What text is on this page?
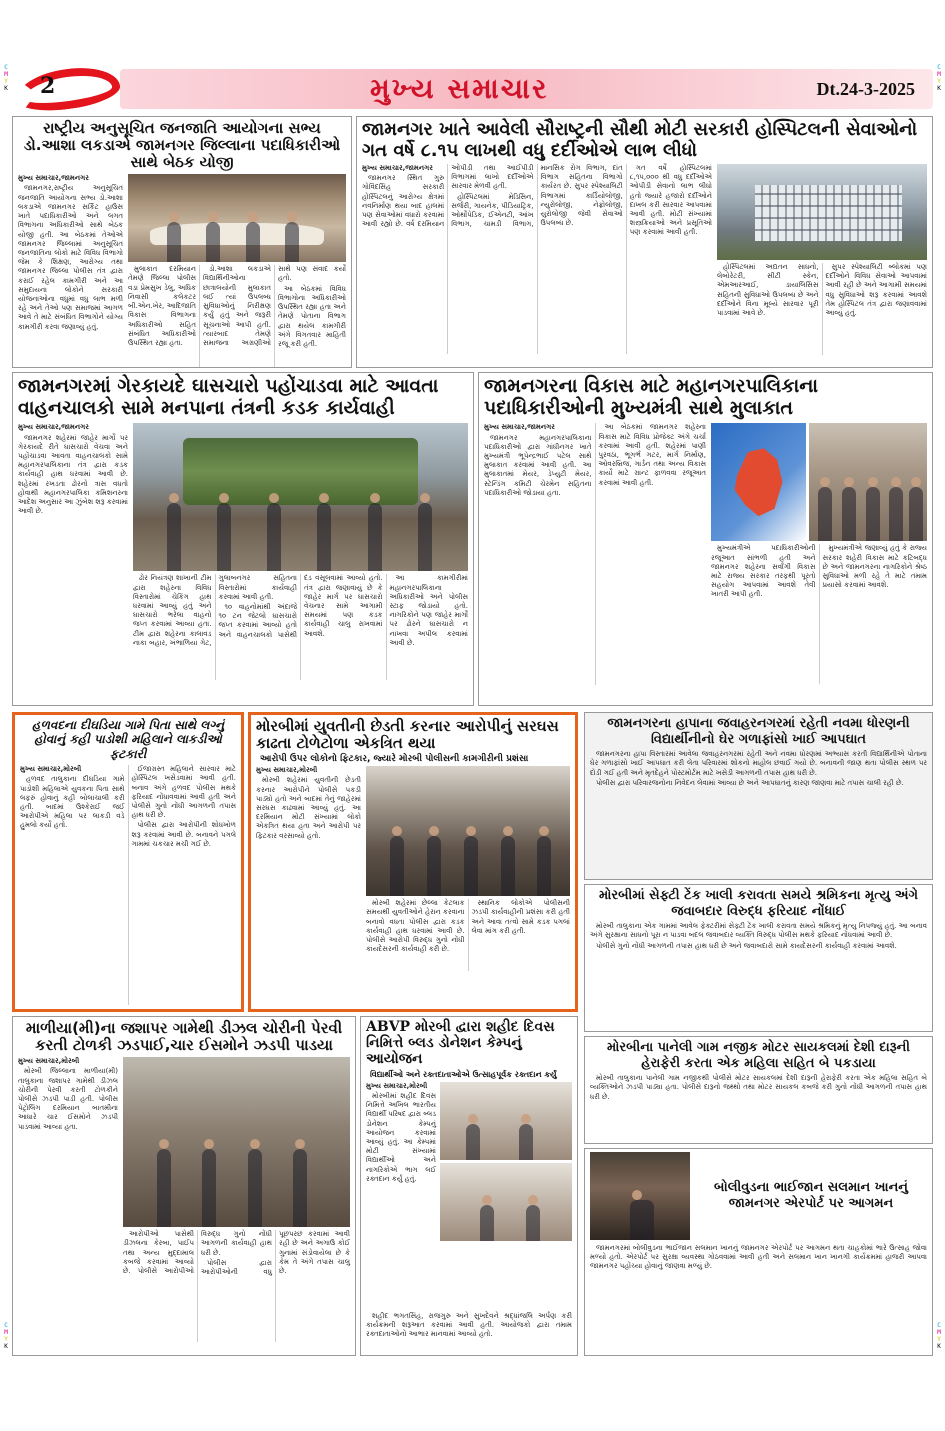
C
M
Y
K
C
M
Y
K
C
M
Y
K
C
M
Y
K
2	મુખ્ય સમાચાર	Dt.24-3-2025
રાષ્ટ્રીય અનુસૂચિત જનજાતિ આયોગના સભ્ય ડો.આશા લકડાએ જામનગર જિલ્લાના પદાધિકારીઓ સાથે બેઠક યોજી
મુખ્ય સમાચાર,જામનગર

જામનગર,રાષ્ટ્રીય અનુસૂચિત જનજાતિ આયોગના સભ્ય ડો.આશા લકડાએ જામનગર સર્કિટ હાઉસ ખાતે પદાધિકારીઓ અને લગત વિભાગના અધિકારીઓ સાથે બેઠક યોજી હતી. આ બેઠકમાં તેઓએ જામનગર જિલ્લામાં અનુસૂચિત જનજાતિના લોકો માટે વિવિધ વિભાગો જેમ કે શિક્ષણ, આરોગ્ય તથા જામનગર જિલ્લા પોલીસ તંત્ર દ્વારા કરાઈ રહેલ કામગીરી અને આ સમુદાયના લોકોને સરકારી યોજનાઓના વધુમાં વધુ લાભ મળી રહે અને તેઓ પણ સમાજમાં આગળ આવે તે માટે સંબંધિત વિભાગોને યોગ્ય કામગીરી કરવા જણાવ્યું હતું.

મુલાકાત દરમિયાન તેમણે જિલ્લા પોલીસ વડા પ્રેમસુખ ડેલુ, અધિક નિવાસી કલેકટર બી.એન.ખેર, આદિજાતિ વિકાસ વિભાગના અધિકારીઓ સહિત સંબંધિત અધિકારીઓ ઉપસ્થિત રહ્યા હતા.

ડો.આશા લકડાએ વિદ્યાર્થિનીઓના છાત્રાલયોની મુલાકાત લઈ ત્યાં ઉપલબ્ધ સુવિધાઓનું નિરીક્ષણ કર્યું હતું અને જરૂરી સૂચનાઓ આપી હતી. ત્યારબાદ તેમણે સમાજના અગ્રણીઓ સાથે પણ સંવાદ કર્યો હતો.

આ બેઠકમાં વિવિધ વિભાગોના અધિકારીઓ ઉપસ્થિત રહ્યા હતા અને તેમણે પોતાના વિભાગ દ્વારા થયેલ કામગીરી અંગે વિગતવાર માહિતી રજૂ કરી હતી.

જામનગર ખાતે આવેલી સૌરાષ્ટ્રની સૌથી મોટી સરકારી હોસ્પિટલની સેવાઓનો ગત વર્ષે ૮.૧૫ લાખથી વધુ દર્દીઓએ લાભ લીધો
મુખ્ય સમાચાર,જામનગર

જામનગર સ્થિત ગુરુ ગોવિંદસિંહ સરકારી હોસ્પિટલનું આરોગ્ય ક્ષેત્રમાં નવનિર્માણ થયા બાદ હાલમાં પણ સેવાઓમાં વધારો કરવામાં આવી રહ્યો છે. વર્ષ દરમિયાન ઓપીડી તથા આઈપીડી વિભાગમાં લાખો દર્દીઓએ સારવાર મેળવી હતી.

હોસ્પિટલમાં મેડિસિન, સર્જરી, ગાયનેક, પીડિયાટ્રિક, ઓર્થોપેડિક, ઈએનટી, આંખ વિભાગ, ચામડી વિભાગ, માનસિક રોગ વિભાગ, દાંત વિભાગ સહિતના વિભાગો કાર્યરત છે. સુપર સ્પેશ્યાલિટી વિભાગમાં કાર્ડિયોલોજી, ન્યુરોલોજી, નેફ્રોલોજી, યુરોલોજી જેવી સેવાઓ ઉપલબ્ધ છે.

ગત વર્ષે હોસ્પિટલમાં ૮,૧૫,૦૦૦ થી વધુ દર્દીઓએ ઓપીડી સેવાનો લાભ લીધો હતો જ્યારે હજારો દર્દીઓને દાખલ કરી સારવાર આપવામાં આવી હતી. મોટી સંખ્યામાં શસ્ત્રક્રિયાઓ અને પ્રસૂતિઓ પણ કરવામાં આવી હતી.

હોસ્પિટલમાં અદ્યતન સાધનો, લેબોરેટરી, સીટી સ્કેન, એમઆરઆઈ, ડાયાલિસિસ સહિતની સુવિધાઓ ઉપલબ્ધ છે અને દર્દીઓને વિના મૂલ્યે સારવાર પૂરી પાડવામાં આવે છે.

સુપર સ્પેશ્યાલિટી બ્લોકમાં પણ દર્દીઓને વિવિધ સેવાઓ આપવામાં આવી રહી છે અને આગામી સમયમાં વધુ સુવિધાઓ શરૂ કરવામાં આવશે તેમ હોસ્પિટલ તંત્ર દ્વારા જણાવવામાં આવ્યું હતું.

જામનગરમાં ગેરકાયદે ઘાસચારો પહોંચાડવા માટે આવતા વાહનચાલકો સામે મનપાના તંત્રની કડક કાર્યવાહી
મુખ્ય સમાચાર,જામનગર

જામનગર શહેરમાં જાહેર માર્ગો પર ગેરકાયદે રીતે ઘાસચારો વેચવા અને પહોંચાડવા આવતા વાહનચાલકો સામે મહાનગરપાલિકાના તંત્ર દ્વારા કડક કાર્યવાહી હાથ ધરવામાં આવી છે. શહેરમાં રખડતા ઢોરનો ત્રાસ વધતો હોવાથી મહાનગરપાલિકા કમિશનરના આદેશ અનુસાર આ ઝુંબેશ શરૂ કરવામાં આવી છે.

ઢોર નિયંત્રણ શાખાની ટીમ દ્વારા શહેરના વિવિધ વિસ્તારોમાં ચેકિંગ હાથ ધરવામાં આવ્યું હતું અને ઘાસચારો ભરેલા વાહનો જપ્ત કરવામાં આવ્યા હતા. ટીમ દ્વારા શહેરના કાલાવડ નાકા બહાર, ખંભાળિયા ગેટ, ગુલાબનગર સહિતના વિસ્તારોમાં કાર્યવાહી કરવામાં આવી હતી.

૧૦ વાહનોમાંથી અંદાજે ૧૦ ટન જેટલો ઘાસચારો જપ્ત કરવામાં આવ્યો હતો અને વાહનચાલકો પાસેથી દંડ વસૂલવામાં આવ્યો હતો. તંત્ર દ્વારા જણાવાયું છે કે જાહેર માર્ગ પર ઘાસચારો વેચનાર સામે આગામી સમયમાં પણ કડક કાર્યવાહી ચાલુ રાખવામાં આવશે.

આ કામગીરીમાં મહાનગરપાલિકાના અધિકારીઓ અને પોલીસ સ્ટાફ જોડાયો હતો. નાગરિકોને પણ જાહેર માર્ગો પર ઢોરને ઘાસચારો ન નાખવા અપીલ કરવામાં આવી છે.

જામનગરના વિકાસ માટે મહાનગરપાલિકાના પદાધિકારીઓની મુખ્યમંત્રી સાથે મુલાકાત
મુખ્ય સમાચાર,જામનગર

જામનગર મહાનગરપાલિકાના પદાધિકારીઓ દ્વારા ગાંધીનગર ખાતે મુખ્યમંત્રી ભૂપેન્દ્રભાઈ પટેલ સાથે મુલાકાત કરવામાં આવી હતી. આ મુલાકાતમાં મેયર, ડેપ્યુટી મેયર, સ્ટેન્ડિંગ કમિટી ચેરમેન સહિતના પદાધિકારીઓ જોડાયા હતા.

આ બેઠકમાં જામનગર શહેરના વિકાસ માટે વિવિધ પ્રોજેક્ટ અંગે ચર્ચા કરવામાં આવી હતી. શહેરમાં પાણી પુરવઠા, ભૂગર્ભ ગટર, માર્ગ નિર્માણ, ઓવરબ્રિજ, ગાર્ડન તથા અન્ય વિકાસ કાર્યો માટે ગ્રાન્ટ ફાળવવા રજૂઆત કરવામાં આવી હતી.

મુખ્યમંત્રીએ પદાધિકારીઓની રજૂઆત સાંભળી હતી અને જામનગર શહેરના સર્વાંગી વિકાસ માટે રાજ્ય સરકાર તરફથી પૂરતો સહયોગ આપવામાં આવશે તેવી ખાતરી આપી હતી.

મુખ્યમંત્રીએ જણાવ્યું હતું કે રાજ્ય સરકાર શહેરી વિકાસ માટે કટિબદ્ધ છે અને જામનગરના નાગરિકોને શ્રેષ્ઠ સુવિધાઓ મળી રહે તે માટે તમામ પ્રયાસો કરવામાં આવશે.

હળવદના દીઘડિયા ગામે પિતા સાથે લગ્નું હોવાનું કહી પાડોશી મહિલાને લાકડીઓ ફટકારી
મુખ્ય સમાચાર,મોરબી

હળવદ તાલુકાના દીઘડિયા ગામે પાડોશી મહિલાએ યુવકના પિતા સાથે લફરું હોવાનું કહી બોલાચાલી કરી હતી. બાદમાં ઉશ્કેરાઈ જઈ આરોપીએ મહિલા પર લાકડી વડે હુમલો કર્યો હતો.

ઈજાગ્રસ્ત મહિલાને સારવાર માટે હોસ્પિટલ ખસેડવામાં આવી હતી. બનાવ અંગે હળવદ પોલીસ મથકે ફરિયાદ નોંધાવવામાં આવી હતી અને પોલીસે ગુનો નોંધી આગળની તપાસ હાથ ધરી છે.

પોલીસ દ્વારા આરોપીની શોધખોળ શરૂ કરવામાં આવી છે. બનાવને પગલે ગામમાં ચકચાર મચી ગઈ છે.

મોરબીમાં યુવતીની છેડતી કરનાર આરોપીનું સરઘસ કાઢતા ટોળેટોળા એકત્રિત થયા
આરોપી ઉપર લોકોનો ફિટકાર, જ્યારે મોરબી પોલીસની કામગીરીની પ્રશંસા
મુખ્ય સમાચાર,મોરબી

મોરબી શહેરમાં યુવતીની છેડતી કરનાર આરોપીને પોલીસે પકડી પાડ્યો હતો અને બાદમાં તેનું જાહેરમાં સરઘસ કાઢવામાં આવ્યું હતું. આ દરમિયાન મોટી સંખ્યામાં લોકો એકત્રિત થયા હતા અને આરોપી પર ફિટકાર વરસાવ્યો હતો.

મોરબી શહેરમાં છેલ્લા કેટલાક સમયથી યુવતીઓને હેરાન કરવાના બનાવો વધતા પોલીસ દ્વારા કડક કાર્યવાહી હાથ ધરવામાં આવી છે. પોલીસે આરોપી વિરુદ્ધ ગુનો નોંધી કાયદેસરની કાર્યવાહી કરી છે.

સ્થાનિક લોકોએ પોલીસની ઝડપી કાર્યવાહીની પ્રશંસા કરી હતી અને આવા તત્વો સામે કડક પગલાં લેવા માંગ કરી હતી.

જામનગરના હાપાના જવાહરનગરમાં રહેતી નવમા ધોરણની વિદ્યાર્થીનીનો ઘેર ગળાફાંસો ખાઈ આપઘાત

જામનગરના હાપા વિસ્તારમાં આવેલા જવાહરનગરમાં રહેતી અને નવમા ધોરણમાં અભ્યાસ કરતી વિદ્યાર્થિનીએ પોતાના ઘેર ગળાફાંસો ખાઈ આપઘાત કરી લેતા પરિવારમાં શોકનો માહોલ છવાઈ ગયો છે. બનાવની જાણ થતા પોલીસ સ્થળ પર દોડી ગઈ હતી અને મૃતદેહને પોસ્ટમોર્ટમ માટે ખસેડી આગળની તપાસ હાથ ધરી છે.

પોલીસ દ્વારા પરિવારજનોના નિવેદન લેવામાં આવ્યા છે અને આપઘાતનું કારણ જાણવા માટે તપાસ ચાલી રહી છે.

મોરબીમાં સેફ્ટી ટેંક ખાલી કરાવતા સમયે શ્રમિકના મૃત્યુ અંગે જવાબદાર વિરુદ્ધ ફરિયાદ નોંધાઈ

મોરબી તાલુકાના એક ગામમાં આવેલ ફેક્ટરીમાં સેફ્ટી ટેંક ખાલી કરાવતા સમયે શ્રમિકનું મૃત્યુ નિપજ્યું હતું. આ બનાવ અંગે સુરક્ષાના સાધનો પૂરા ન પાડવા બદલ જવાબદાર વ્યક્તિ વિરુદ્ધ પોલીસ મથકે ફરિયાદ નોંધવામાં આવી છે.

પોલીસે ગુનો નોંધી આગળની તપાસ હાથ ધરી છે અને જવાબદારો સામે કાયદેસરની કાર્યવાહી કરવામાં આવશે.

માળીયા(મી)ના જશાપર ગામેથી ડીઝલ ચોરીની પેરવી કરતી ટોળકી ઝડપાઈ,ચાર ઈસમોને ઝડપી પાડયા
મુખ્ય સમાચાર,મોરબી

મોરબી જિલ્લાના માળીયા(મી) તાલુકાના જશાપર ગામેથી ડીઝલ ચોરીની પેરવી કરતી ટોળકીને પોલીસે ઝડપી પાડી હતી. પોલીસ પેટ્રોલિંગ દરમિયાન બાતમીના આધારે ચાર ઈસમોને ઝડપી પાડવામાં આવ્યા હતા.

આરોપીઓ પાસેથી ડીઝલના કેરબા, પાઈપ તથા અન્ય મુદ્દામાલ કબજે કરવામાં આવ્યો છે. પોલીસે આરોપીઓ વિરુદ્ધ ગુનો નોંધી આગળની કાર્યવાહી હાથ ધરી છે.

પોલીસ દ્વારા આરોપીઓની વધુ પૂછપરછ કરવામાં આવી રહી છે અને અગાઉ કોઈ ગુનામાં સંડોવાયેલા છે કે કેમ તે અંગે તપાસ ચાલુ છે.

ABVP મોરબી દ્વારા શહીદ દિવસ નિમિત્તે બ્લડ ડોનેશન કેમ્પનું આયોજન
વિદ્યાર્થીઓ અને રક્તદાતાઓએ ઉત્સાહપૂર્વક રક્તદાન કર્યું
મુખ્ય સમાચાર,મોરબી

મોરબીમાં શહીદ દિવસ નિમિત્તે અખિલ ભારતીય વિદ્યાર્થી પરિષદ દ્વારા બ્લડ ડોનેશન કેમ્પનું આયોજન કરવામાં આવ્યું હતું. આ કેમ્પમાં મોટી સંખ્યામાં વિદ્યાર્થીઓ અને નાગરિકોએ ભાગ લઈ રક્તદાન કર્યું હતું.

શહીદ ભગતસિંહ, રાજગુરુ અને સુખદેવને શ્રદ્ધાંજલિ અર્પણ કરી કાર્યક્રમની શરૂઆત કરવામાં આવી હતી. આયોજકો દ્વારા તમામ રક્તદાતાઓનો આભાર માનવામાં આવ્યો હતો.

મોરબીના પાનેલી ગામ નજીક મોટર સાયકલમાં દેશી દારૂની હેરાફેરી કરતા એક મહિલા સહિત બે પકડાયા

મોરબી તાલુકાના પાનેલી ગામ નજીકથી પોલીસે મોટર સાયકલમાં દેશી દારૂની હેરાફેરી કરતા એક મહિલા સહિત બે વ્યક્તિઓને ઝડપી પાડ્યા હતા. પોલીસે દારૂનો જથ્થો તથા મોટર સાયકલ કબજે કરી ગુનો નોંધી આગળની તપાસ હાથ ધરી છે.

બોલીવુડના ભાઈજાન સલમાન ખાનનું જામનગર એરપોર્ટ પર આગમન

જામનગરમાં બોલીવુડના ભાઈજાન સલમાન ખાનનું જામનગર એરપોર્ટ પર આગમન થતા ચાહકોમાં ભારે ઉત્સાહ જોવા મળ્યો હતો. એરપોર્ટ પર સુરક્ષા વ્યવસ્થા ગોઠવવામાં આવી હતી અને સલમાન ખાન ખાનગી કાર્યક્રમમાં હાજરી આપવા જામનગર પહોંચ્યા હોવાનું જાણવા મળ્યું છે.
